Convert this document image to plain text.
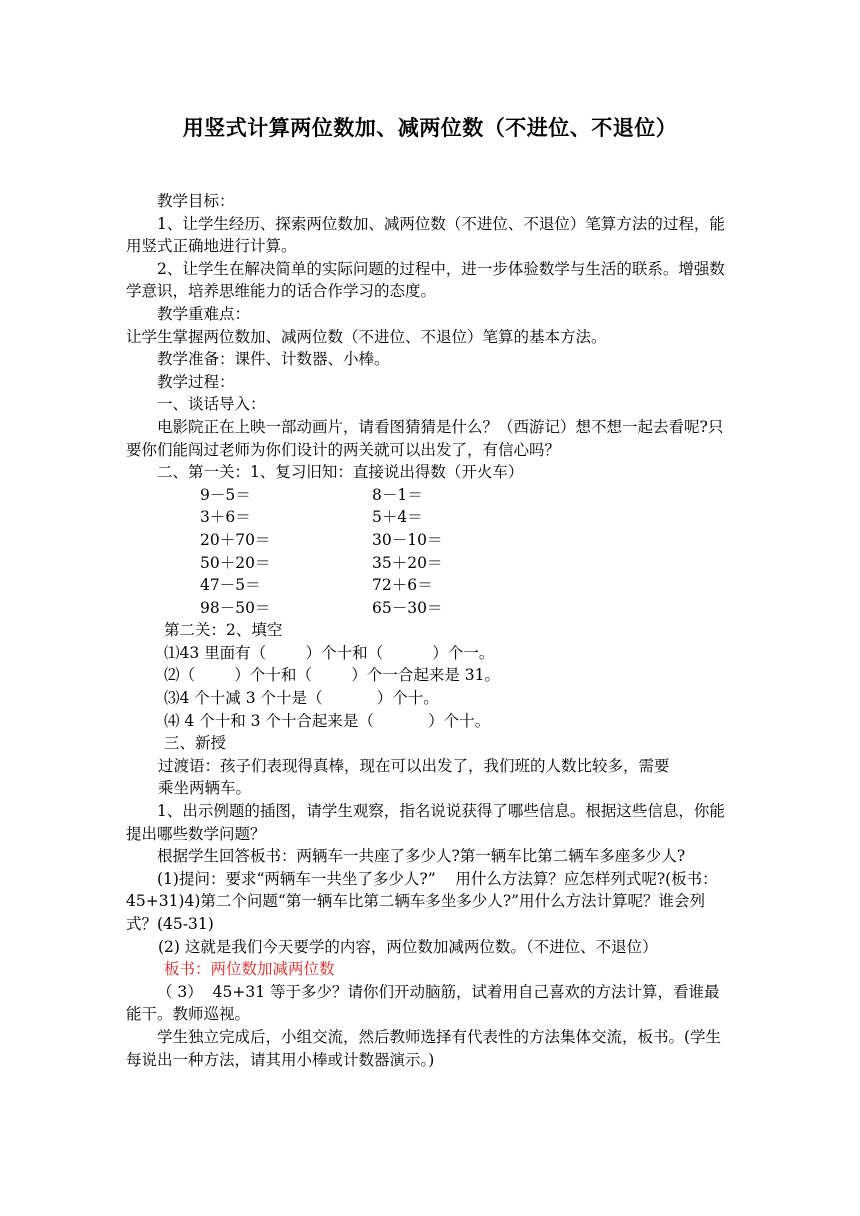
用竖式计算两位数加、减两位数（不进位、不退位）

教学目标：

1、让学生经历、探索两位数加、减两位数（不进位、不退位）笔算方法的过程，能用竖式正确地进行计算。

2、让学生在解决简单的实际问题的过程中，进一步体验数学与生活的联系。增强数学意识，培养思维能力的话合作学习的态度。

教学重难点：

让学生掌握两位数加、减两位数（不进位、不退位）笔算的基本方法。

教学准备：课件、计数器、小棒。

教学过程：

一、谈话导入：

电影院正在上映一部动画片，请看图猜猜是什么？（西游记）想不想一起去看呢?只要你们能闯过老师为你们设计的两关就可以出发了，有信心吗？

二、第一关：1、复习旧知：直接说出得数（开火车）

9－5＝	8－1＝

3＋6＝	5＋4＝

20＋70＝	30－10＝

50＋20＝	35＋20＝

47－5＝	72＋6＝

98－50＝	65－30＝

第二关：2、填空

⑴43 里面有（        ）个十和（          ）个一。

⑵（        ）个十和（        ）个一合起来是 31。

⑶4 个十减 3 个十是（           ）个十。

⑷ 4 个十和 3 个十合起来是（           ）个十。

三、新授

过渡语：孩子们表现得真棒，现在可以出发了，我们班的人数比较多，需要

乘坐两辆车。

1、出示例题的插图，请学生观察，指名说说获得了哪些信息。根据这些信息，你能提出哪些数学问题？

根据学生回答板书：两辆车一共座了多少人?第一辆车比第二辆车多座多少人?

(1)提问：要求“两辆车一共坐了多少人?”    用什么方法算？应怎样列式呢?(板书：45+31)4)第二个问题“第一辆车比第二辆车多坐多少人?”用什么方法计算呢？谁会列式？(45-31)

(2) 这就是我们今天要学的内容，两位数加减两位数。（不进位、不退位）

板书：两位数加减两位数

（ 3）  45+31 等于多少？请你们开动脑筋，试着用自己喜欢的方法计算，看谁最能干。教师巡视。

学生独立完成后，小组交流，然后教师选择有代表性的方法集体交流，板书。(学生每说出一种方法，请其用小棒或计数器演示。)
